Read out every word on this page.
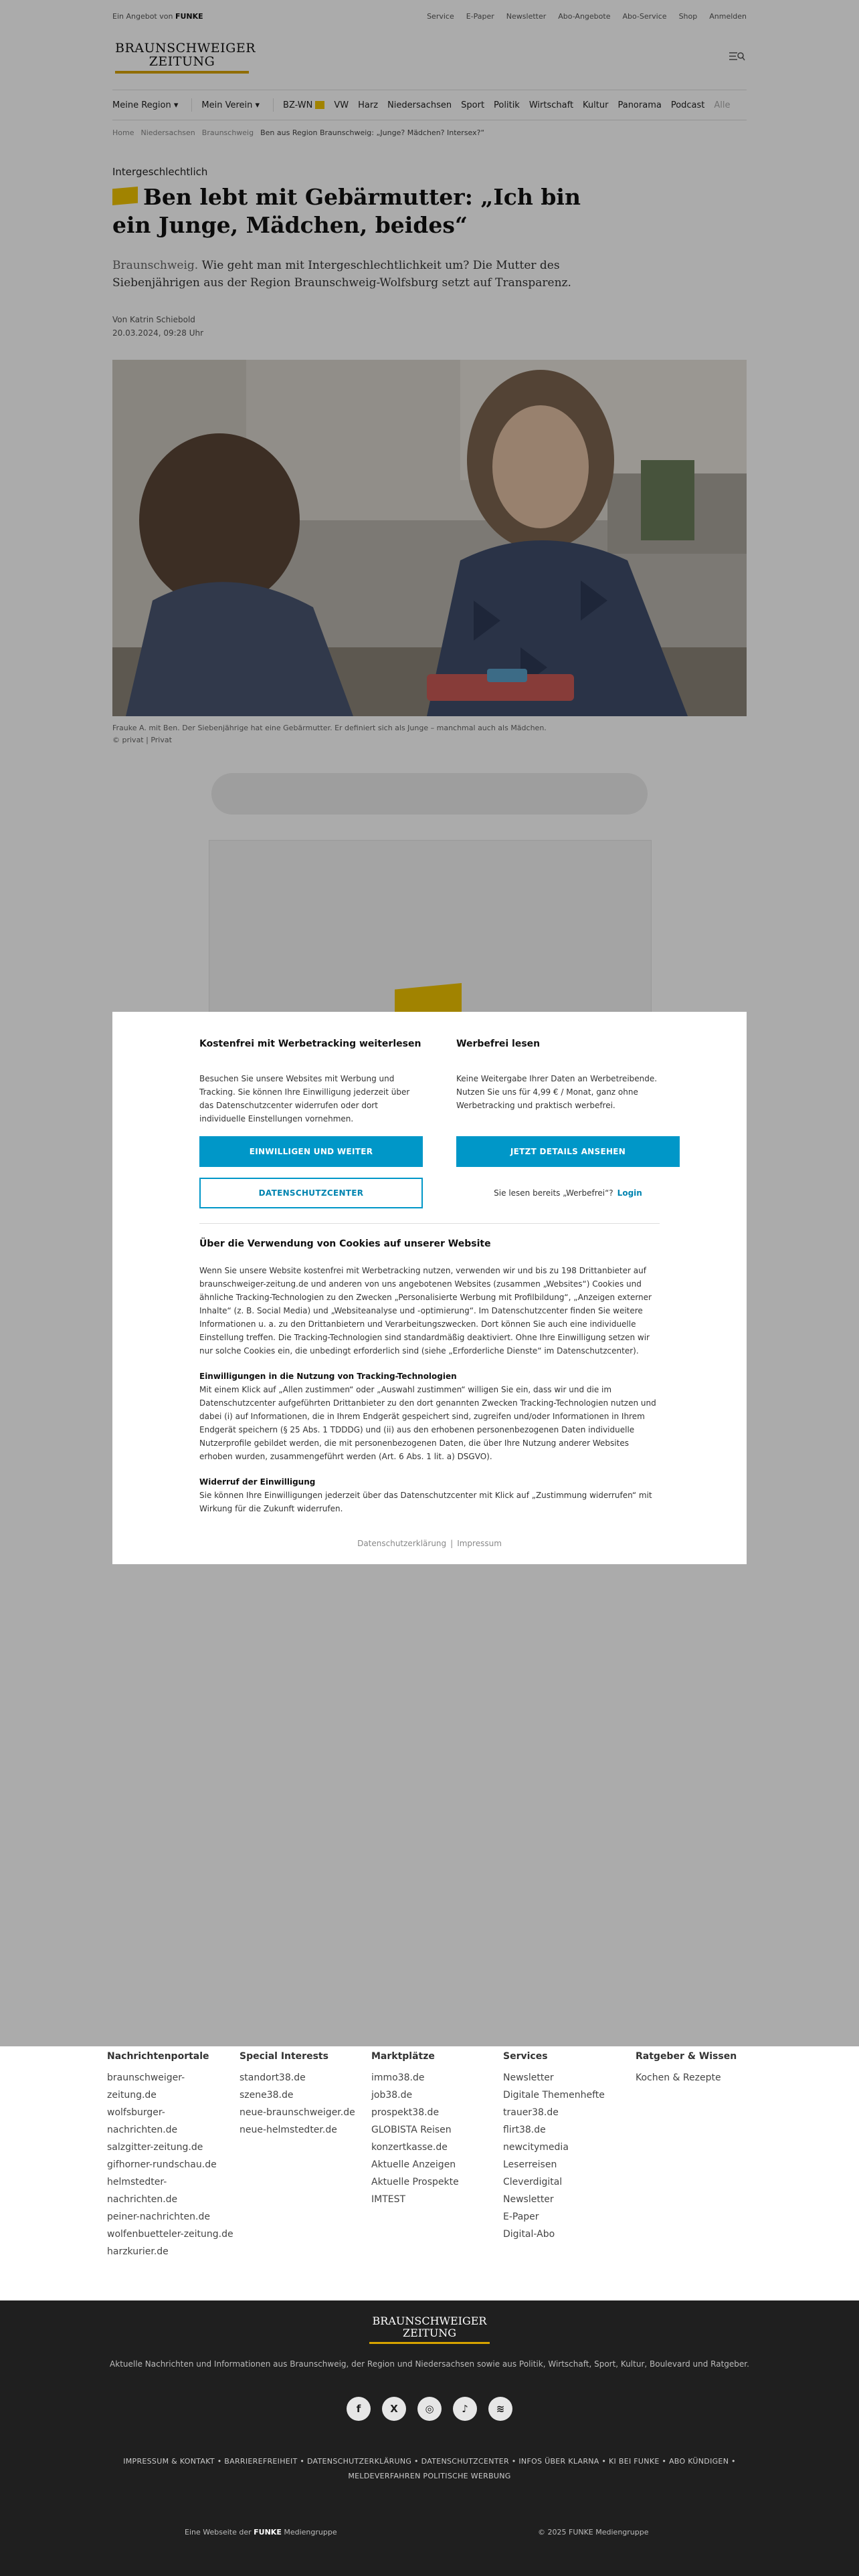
Ein Angebot von FUNKE	Service E-Paper Newsletter Abo-Angebote Abo-Service Shop Anmelden
BRAUNSCHWEIGER
ZEITUNG
Meine Region ▾	Mein Verein ▾	BZ-WN	VW Harz Niedersachsen Sport Politik Wirtschaft Kultur Panorama Podcast Alle
Home Niedersachsen Braunschweig Ben aus Region Braunschweig: „Junge? Mädchen? Intersex?“
Intergeschlechtlich
Ben lebt mit Gebärmutter: „Ich bin ein Junge, Mädchen, beides“

Braunschweig. Wie geht man mit Intergeschlechtlichkeit um? Die Mutter des Siebenjährigen aus der Region Braunschweig-Wolfsburg setzt auf Transparenz.

Von Katrin Schiebold
20.03.2024, 09:28 Uhr
Frauke A. mit Ben. Der Siebenjährige hat eine Gebärmutter. Er definiert sich als Junge – manchmal auch als Mädchen.
© privat | Privat
Nachrichtenportale
braunschweiger-zeitung.de
wolfsburger-nachrichten.de
salzgitter-zeitung.de
gifhorner-rundschau.de
helmstedter-nachrichten.de
peiner-nachrichten.de
wolfenbuetteler-zeitung.de
harzkurier.de
Special Interests
standort38.de
szene38.de
neue-braunschweiger.de
neue-helmstedter.de
Marktplätze
immo38.de
job38.de
prospekt38.de
GLOBISTA Reisen
konzertkasse.de
Aktuelle Anzeigen
Aktuelle Prospekte
IMTEST
Services
Newsletter
Digitale Themenhefte
trauer38.de
flirt38.de
newcitymedia
Leserreisen
Cleverdigital
Newsletter
E-Paper
Digital-Abo
Ratgeber & Wissen
Kochen & Rezepte
BRAUNSCHWEIGER
ZEITUNG
Aktuelle Nachrichten und Informationen aus Braunschweig, der Region und Niedersachsen sowie aus Politik, Wirtschaft, Sport, Kultur, Boulevard und Ratgeber.
f	X	◎	♪	≋
IMPRESSUM & KONTAKT • BARRIEREFREIHEIT • DATENSCHUTZERKLÄRUNG • DATENSCHUTZCENTER • INFOS ÜBER KLARNA • KI BEI FUNKE • ABO KÜNDIGEN • MELDEVERFAHREN POLITISCHE WERBUNG
Eine Webseite der FUNKE Mediengruppe	© 2025 FUNKE Mediengruppe
Kostenfrei mit Werbetracking weiterlesen

Besuchen Sie unsere Websites mit Werbung und Tracking. Sie können Ihre Einwilligung jederzeit über das Datenschutzcenter widerrufen oder dort individuelle Einstellungen vornehmen.

EINWILLIGEN UND WEITER
DATENSCHUTZCENTER
Werbefrei lesen

Keine Weitergabe Ihrer Daten an Werbetreibende. Nutzen Sie uns für 4,99 € / Monat, ganz ohne Werbetracking und praktisch werbefrei.

JETZT DETAILS ANSEHEN
Sie lesen bereits „Werbefrei“? Login
Über die Verwendung von Cookies auf unserer Website

Wenn Sie unsere Website kostenfrei mit Werbetracking nutzen, verwenden wir und bis zu 198 Drittanbieter auf braunschweiger-zeitung.de und anderen von uns angebotenen Websites (zusammen „Websites“) Cookies und ähnliche Tracking-Technologien zu den Zwecken „Personalisierte Werbung mit Profilbildung“, „Anzeigen externer Inhalte“ (z. B. Social Media) und „Websiteanalyse und -optimierung“. Im Datenschutzcenter finden Sie weitere Informationen u. a. zu den Drittanbietern und Verarbeitungszwecken. Dort können Sie auch eine individuelle Einstellung treffen. Die Tracking-Technologien sind standardmäßig deaktiviert. Ohne Ihre Einwilligung setzen wir nur solche Cookies ein, die unbedingt erforderlich sind (siehe „Erforderliche Dienste“ im Datenschutzcenter).

Einwilligungen in die Nutzung von Tracking-Technologien
Mit einem Klick auf „Allen zustimmen“ oder „Auswahl zustimmen“ willigen Sie ein, dass wir und die im Datenschutzcenter aufgeführten Drittanbieter zu den dort genannten Zwecken Tracking-Technologien nutzen und dabei (i) auf Informationen, die in Ihrem Endgerät gespeichert sind, zugreifen und/oder Informationen in Ihrem Endgerät speichern (§ 25 Abs. 1 TDDDG) und (ii) aus den erhobenen personenbezogenen Daten individuelle Nutzerprofile gebildet werden, die mit personenbezogenen Daten, die über Ihre Nutzung anderer Websites erhoben wurden, zusammengeführt werden (Art. 6 Abs. 1 lit. a) DSGVO).

Widerruf der Einwilligung
Sie können Ihre Einwilligungen jederzeit über das Datenschutzcenter mit Klick auf „Zustimmung widerrufen“ mit Wirkung für die Zukunft widerrufen.

Datenschutzerklärung | Impressum
